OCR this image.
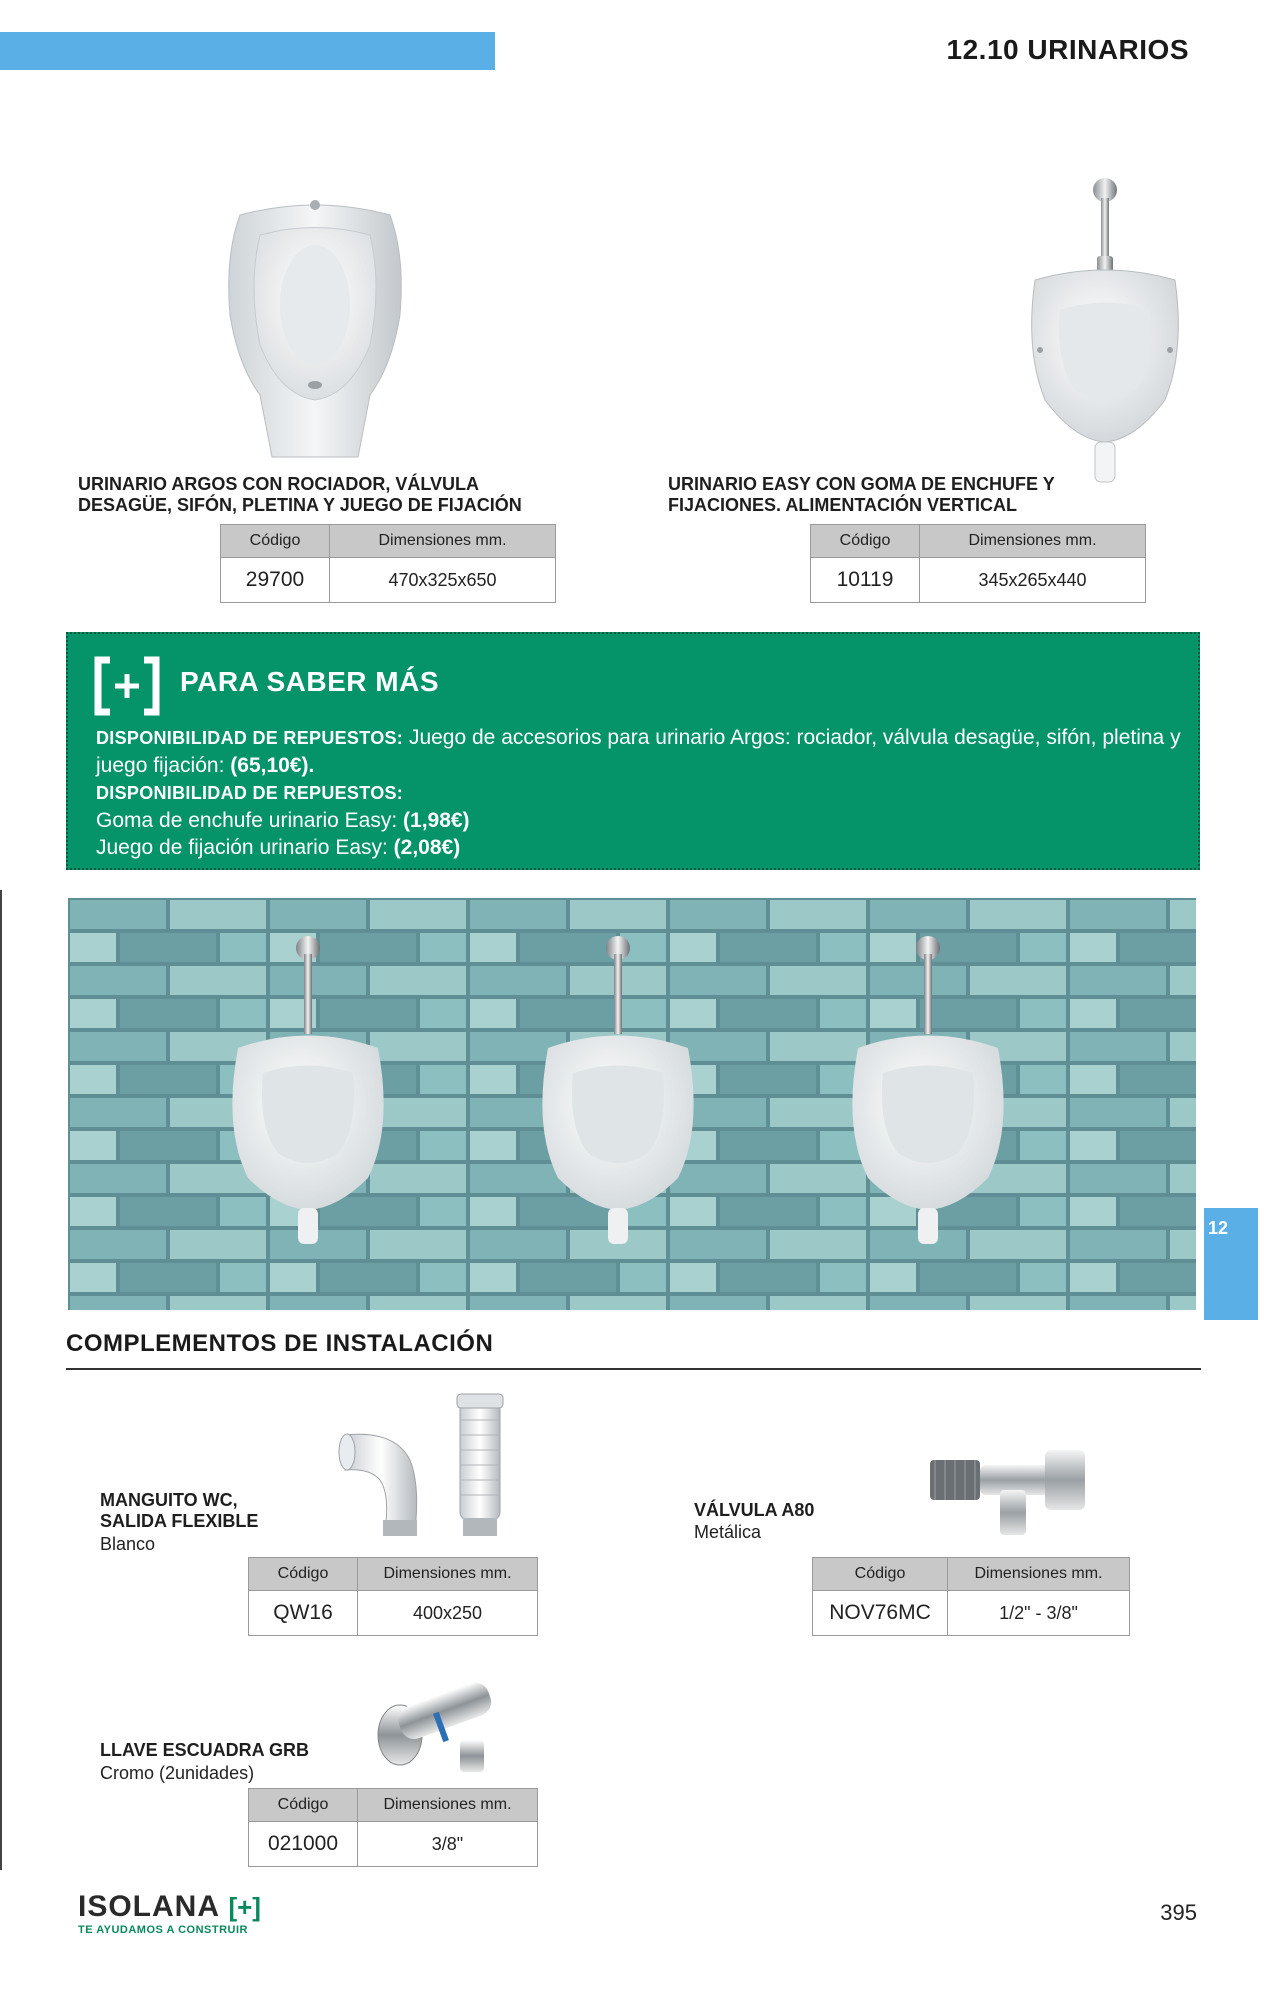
12.10 URINARIOS
URINARIO ARGOS CON ROCIADOR, VÁLVULA
DESAGÜE, SIFÓN, PLETINA Y JUEGO DE FIJACIÓN
Código	Dimensiones mm.
29700	470x325x650
URINARIO EASY CON GOMA DE ENCHUFE Y
FIJACIONES. ALIMENTACIÓN VERTICAL
Código	Dimensiones mm.
10119	345x265x440
PARA SABER MÁS
DISPONIBILIDAD DE REPUESTOS: Juego de accesorios para urinario Argos: rociador, válvula desagüe, sifón, pletina y juego fijación: (65,10€).
DISPONIBILIDAD DE REPUESTOS:
Goma de enchufe urinario Easy: (1,98€)
Juego de fijación urinario Easy: (2,08€)
12
COMPLEMENTOS DE INSTALACIÓN
MANGUITO WC,
SALIDA FLEXIBLE
Blanco
Código	Dimensiones mm.
QW16	400x250
VÁLVULA A80
Metálica
Código	Dimensiones mm.
NOV76MC	1/2" - 3/8"
LLAVE ESCUADRA GRB
Cromo (2unidades)
Código	Dimensiones mm.
021000	3/8"
ISOLANA [+]
TE AYUDAMOS A CONSTRUIR
395
